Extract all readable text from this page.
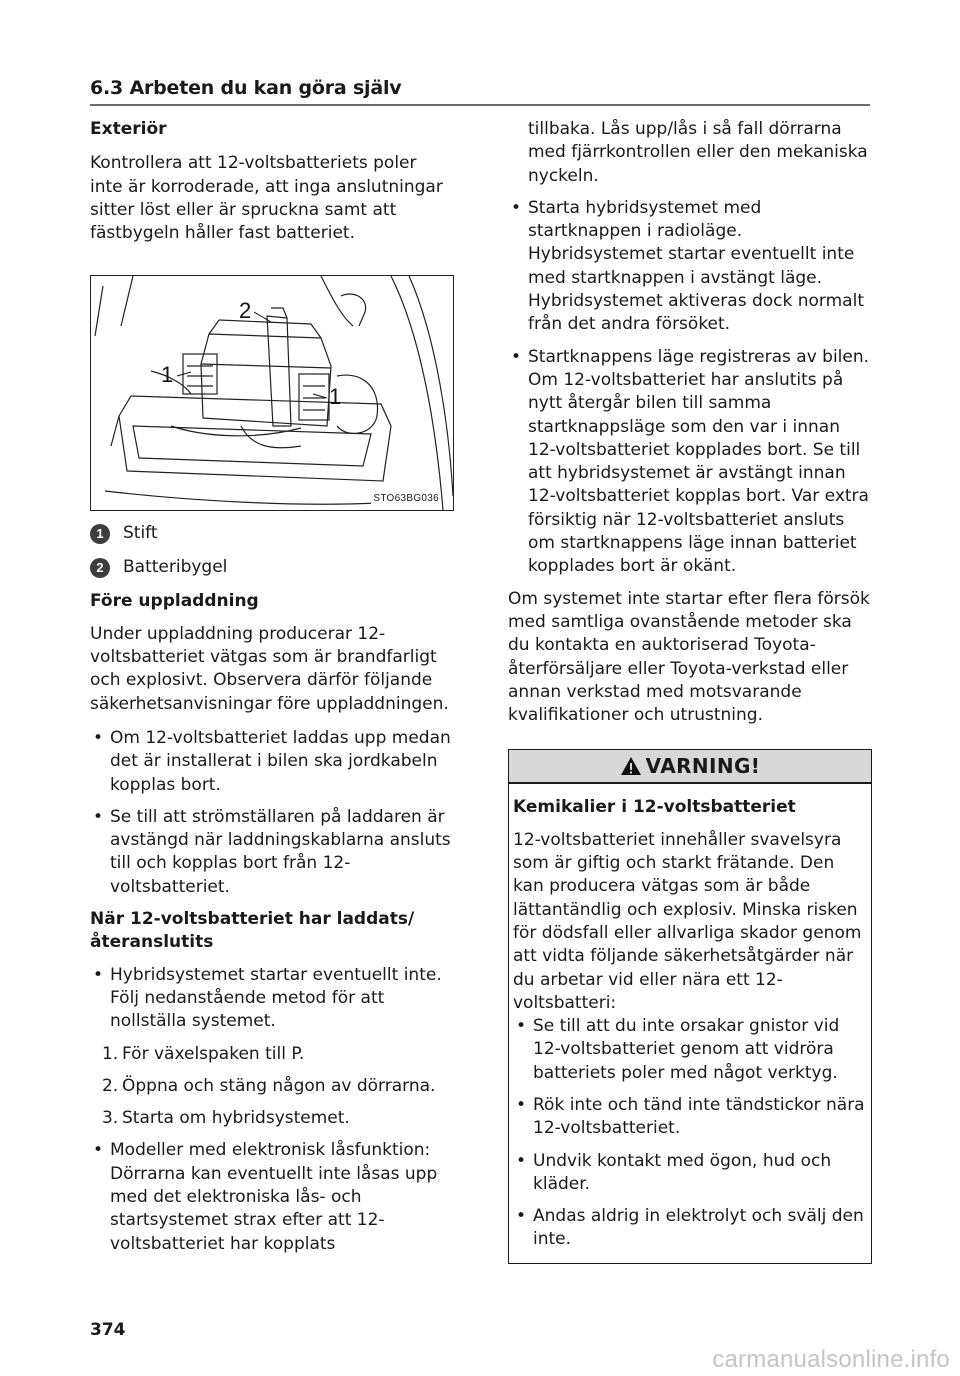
6.3 Arbeten du kan göra själv
Exteriör

Kontrollera att 12-voltsbatteriets poler inte är korroderade, att inga anslutningar sitter löst eller är spruckna samt att fästbygeln håller fast batteriet.

2
1
1
STO63BG036
1	Stift
2	Batteribygel
Före uppladdning

Under uppladdning producerar 12-voltsbatteriet vätgas som är brandfarligt och explosivt. Observera därför följande säkerhetsanvisningar före uppladdningen.

• Om 12-voltsbatteriet laddas upp medan det är installerat i bilen ska jordkabeln kopplas bort.
• Se till att strömställaren på laddaren är avstängd när laddningskablarna ansluts till och kopplas bort från 12-voltsbatteriet.
När 12-voltsbatteriet har laddats/återanslutits
• Hybridsystemet startar eventuellt inte. Följ nedanstående metod för att nollställa systemet.
1. För växelspaken till P.
2. Öppna och stäng någon av dörrarna.
3. Starta om hybridsystemet.
• Modeller med elektronisk låsfunktion: Dörrarna kan eventuellt inte låsas upp med det elektroniska lås- och startsystemet strax efter att 12-voltsbatteriet har kopplats
tillbaka. Lås upp/lås i så fall dörrarna med fjärrkontrollen eller den mekaniska nyckeln.
• Starta hybridsystemet med startknappen i radioläge. Hybridsystemet startar eventuellt inte med startknappen i avstängt läge. Hybridsystemet aktiveras dock normalt från det andra försöket.
• Startknappens läge registreras av bilen. Om 12-voltsbatteriet har anslutits på nytt återgår bilen till samma startknappsläge som den var i innan 12-voltsbatteriet kopplades bort. Se till att hybridsystemet är avstängt innan 12-voltsbatteriet kopplas bort. Var extra försiktig när 12-voltsbatteriet ansluts om startknappens läge innan batteriet kopplades bort är okänt.

Om systemet inte startar efter flera försök med samtliga ovanstående metoder ska du kontakta en auktoriserad Toyota-återförsäljare eller Toyota-verkstad eller annan verkstad med motsvarande kvalifikationer och utrustning.

VARNING!
Kemikalier i 12-voltsbatteriet

12-voltsbatteriet innehåller svavelsyra som är giftig och starkt frätande. Den kan producera vätgas som är både lättantändlig och explosiv. Minska risken för dödsfall eller allvarliga skador genom att vidta följande säkerhetsåtgärder när du arbetar vid eller nära ett 12-voltsbatteri:

• Se till att du inte orsakar gnistor vid 12-voltsbatteriet genom att vidröra batteriets poler med något verktyg.
• Rök inte och tänd inte tändstickor nära 12-voltsbatteriet.
• Undvik kontakt med ögon, hud och kläder.
• Andas aldrig in elektrolyt och svälj den inte.
374
carmanualsonline.info
